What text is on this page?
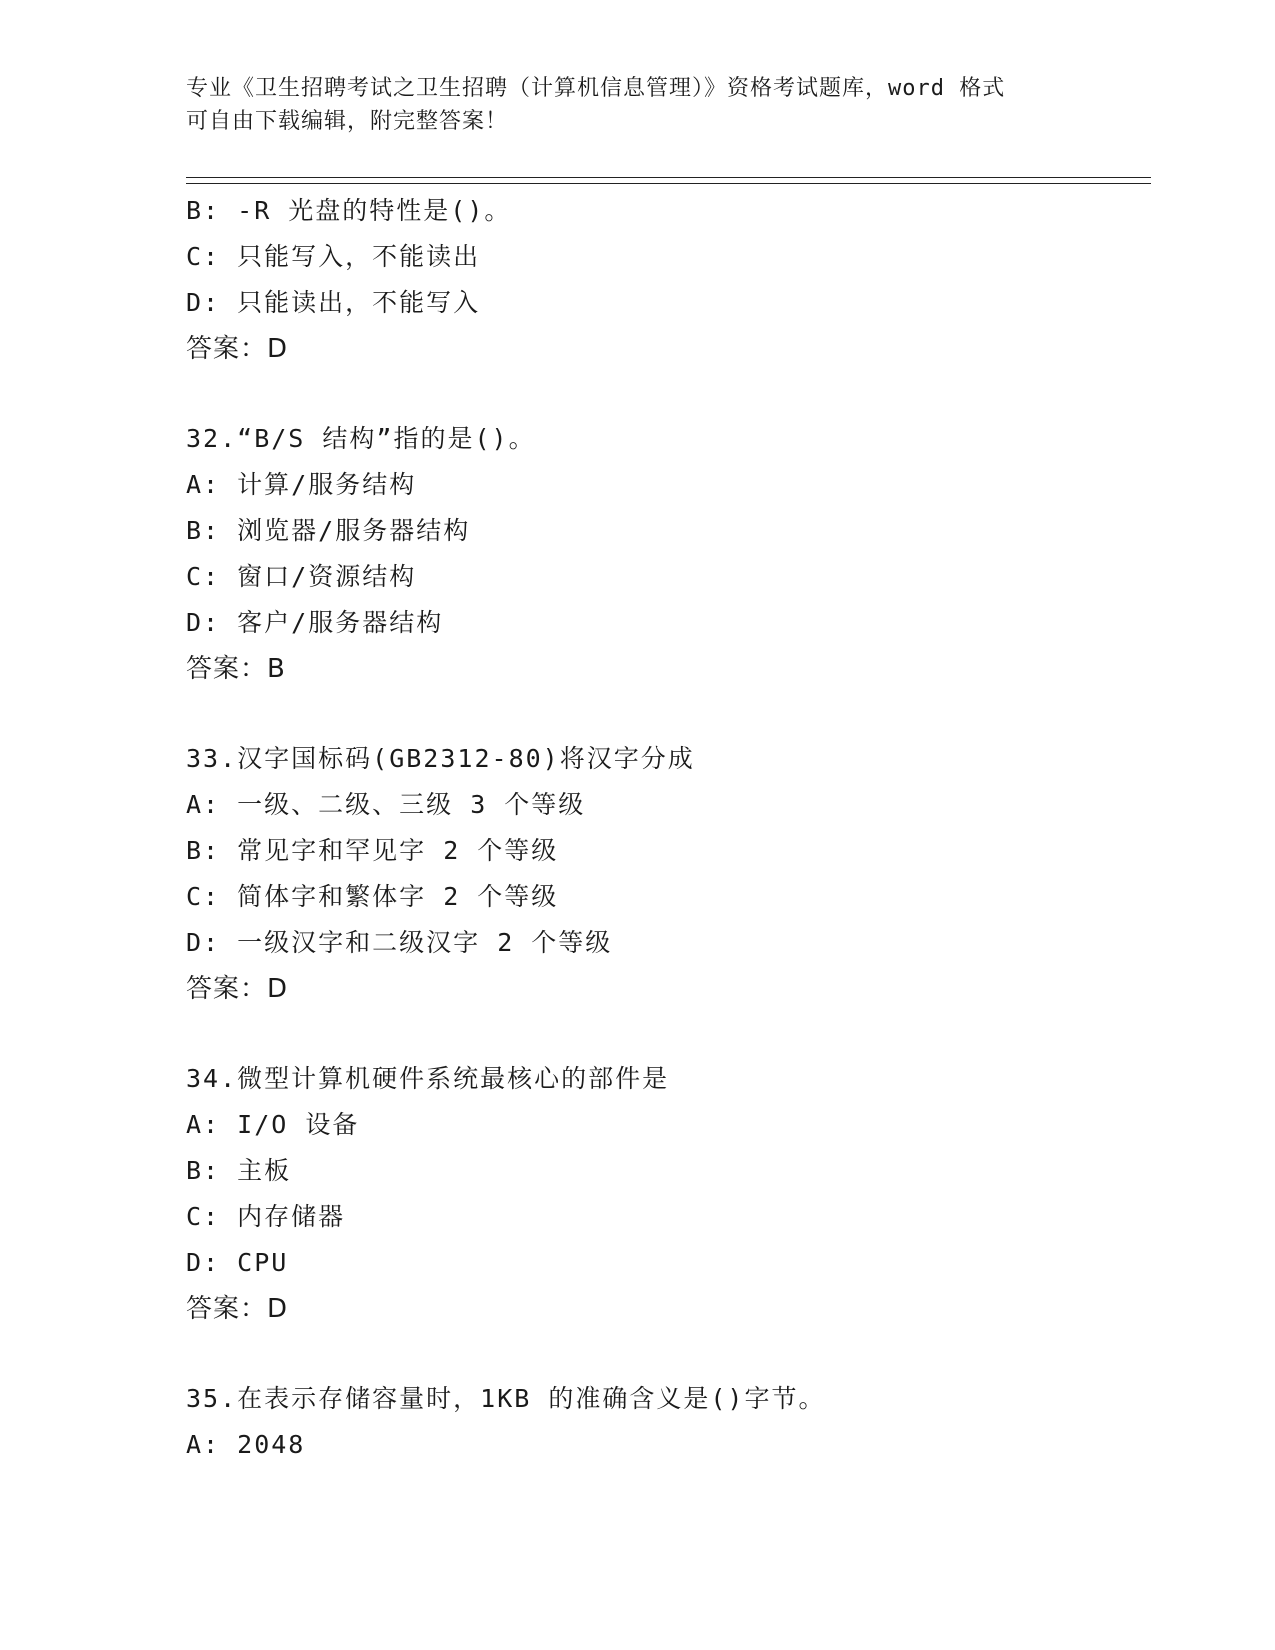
专业《卫生招聘考试之卫生招聘（计算机信息管理）》资格考试题库，word 格式
可自由下载编辑，附完整答案！
B: -R 光盘的特性是()。
C: 只能写入，不能读出
D: 只能读出，不能写入
答案：D
32.“B/S 结构”指的是()。
A: 计算/服务结构
B: 浏览器/服务器结构
C: 窗口/资源结构
D: 客户/服务器结构
答案：B
33.汉字国标码(GB2312-80)将汉字分成
A: 一级、二级、三级 3 个等级
B: 常见字和罕见字 2 个等级
C: 简体字和繁体字 2 个等级
D: 一级汉字和二级汉字 2 个等级
答案：D
34.微型计算机硬件系统最核心的部件是
A: I/O 设备
B: 主板
C: 内存储器
D: CPU
答案：D
35.在表示存储容量时，1KB 的准确含义是()字节。
A: 2048
